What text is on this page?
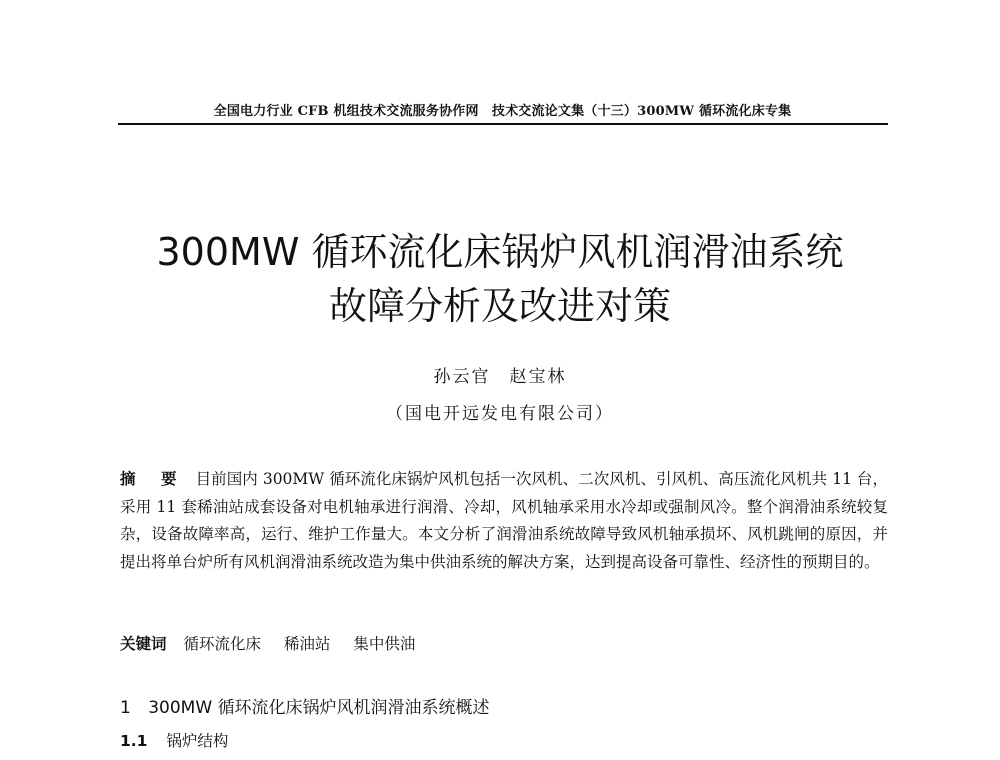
全国电力行业 CFB 机组技术交流服务协作网　技术交流论文集（十三）300MW 循环流化床专集
300MW 循环流化床锅炉风机润滑油系统
故障分析及改进对策
孙云官　赵宝林
（国电开远发电有限公司）
摘 要 目前国内 300MW 循环流化床锅炉风机包括一次风机、二次风机、引风机、高压流化风机共 11 台，采用 11 套稀油站成套设备对电机轴承进行润滑、冷却，风机轴承采用水冷却或强制风冷。整个润滑油系统较复杂，设备故障率高，运行、维护工作量大。本文分析了润滑油系统故障导致风机轴承损坏、风机跳闸的原因，并提出将单台炉所有风机润滑油系统改造为集中供油系统的解决方案，达到提高设备可靠性、经济性的预期目的。
关键词 循环流化床 稀油站 集中供油
1 300MW 循环流化床锅炉风机润滑油系统概述
1.1 锅炉结构
